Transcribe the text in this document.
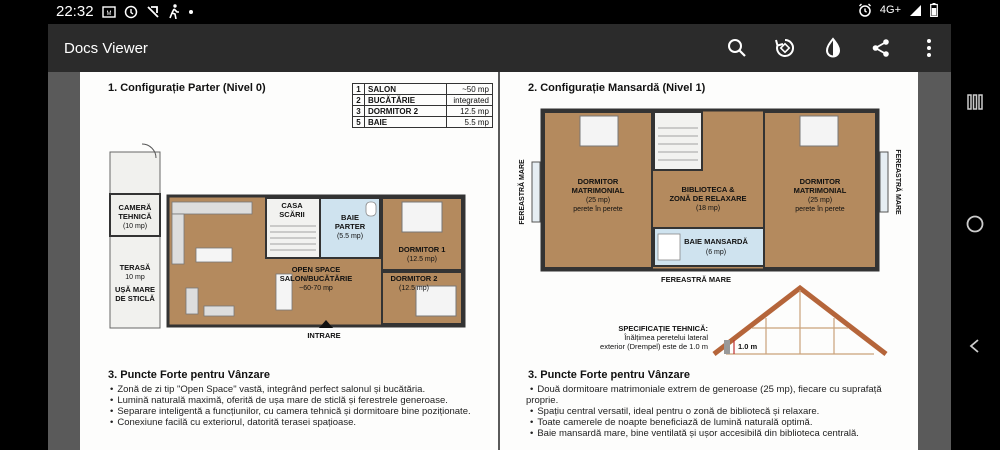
22:32 M	4G+
Docs Viewer
1. Configurație Parter (Nivel 0)	1	SALON	~50 mp
2	BUCĂTĂRIE	integrated
3	DORMITOR 2	12.5 mp
5	BAIE	5.5 mp
CAMERĂ
TEHNICĂ
(10 mp)
CASA
SCĂRII	BAIE
PARTER
(5.5 mp)
DORMITOR 1
(12.5 mp)
OPEN SPACE
SALON/BUCĂTĂRIE
~60-70 mp
DORMITOR 2
(12.5 mp)
TERASĂ
10 mp
UȘĂ MARE
DE STICLĂ
INTRARE
3. Puncte Forte pentru Vânzare
• Zonă de zi tip "Open Space" vastă, integrând perfect salonul și bucătăria.
• Lumină naturală maximă, oferită de ușa mare de sticlă și ferestrele generoase.
• Separare inteligentă a funcțiunilor, cu camera tehnică și dormitoare bine poziționate.
• Conexiune facilă cu exteriorul, datorită terasei spațioase.
2. Configurație Mansardă (Nivel 1)
DORMITOR
MATRIMONIAL
(25 mp)
perete în perete
BIBLIOTECA &
ZONĂ DE RELAXARE
(18 mp)
DORMITOR
MATRIMONIAL
(25 mp)
perete în perete
BAIE MANSARDĂ
(6 mp)
FEREASTRĂ MARE	FEREASTRĂ MARE
FEREASTRĂ MARE
1.0 m
SPECIFICAȚIE TEHNICĂ:
Înălțimea peretelui lateral
exterior (Drempel) este de 1.0 m
3. Puncte Forte pentru Vânzare
• Două dormitoare matrimoniale extrem de generoase (25 mp), fiecare cu suprafață proprie.
• Spațiu central versatil, ideal pentru o zonă de bibliotecă și relaxare.
• Toate camerele de noapte beneficiază de lumină naturală optimă.
• Baie mansardă mare, bine ventilată și ușor accesibilă din biblioteca centrală.
